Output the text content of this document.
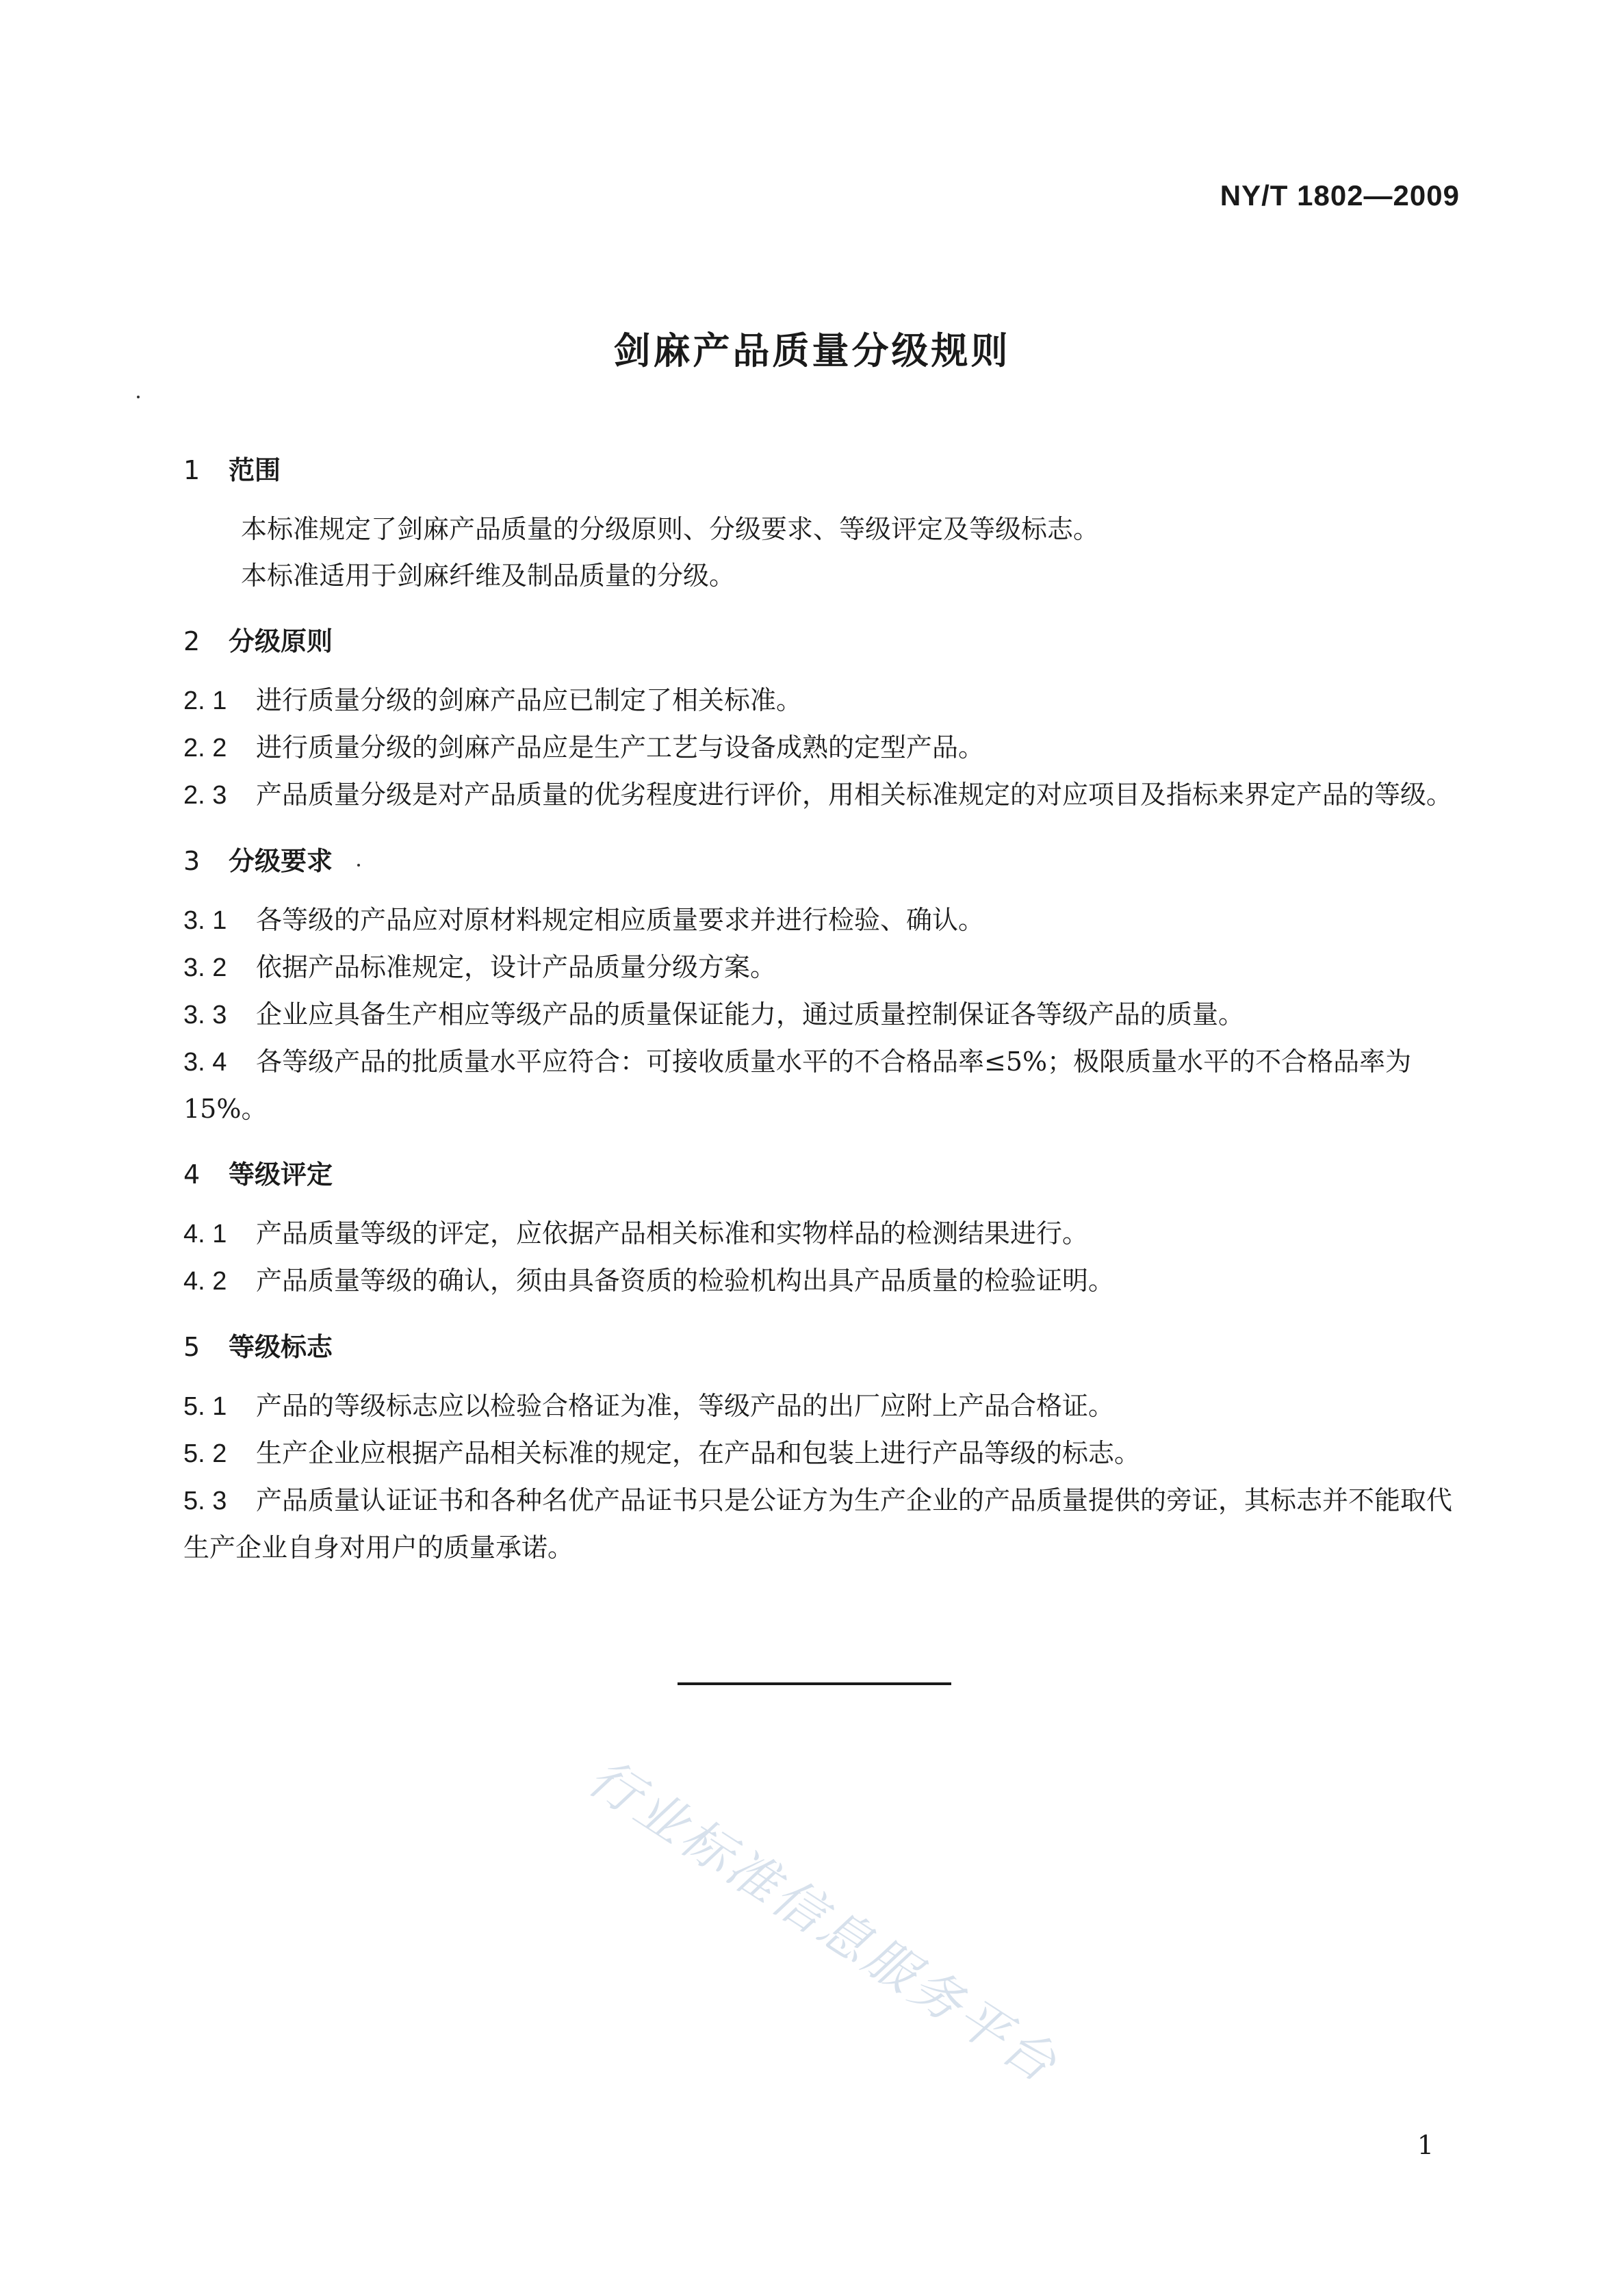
NY/T 1802—2009
剑麻产品质量分级规则
1 范围
本标准规定了剑麻产品质量的分级原则、分级要求、等级评定及等级标志。
本标准适用于剑麻纤维及制品质量的分级。
2 分级原则
2. 1 进行质量分级的剑麻产品应已制定了相关标准。
2. 2 进行质量分级的剑麻产品应是生产工艺与设备成熟的定型产品。
2. 3 产品质量分级是对产品质量的优劣程度进行评价，用相关标准规定的对应项目及指标来界定产品的等级。
3 分级要求
3. 1 各等级的产品应对原材料规定相应质量要求并进行检验、确认。
3. 2 依据产品标准规定，设计产品质量分级方案。
3. 3 企业应具备生产相应等级产品的质量保证能力，通过质量控制保证各等级产品的质量。
3. 4 各等级产品的批质量水平应符合：可接收质量水平的不合格品率≤5%；极限质量水平的不合格品率为 15%。
4 等级评定
4. 1 产品质量等级的评定，应依据产品相关标准和实物样品的检测结果进行。
4. 2 产品质量等级的确认，须由具备资质的检验机构出具产品质量的检验证明。
5 等级标志
5. 1 产品的等级标志应以检验合格证为准，等级产品的出厂应附上产品合格证。
5. 2 生产企业应根据产品相关标准的规定，在产品和包装上进行产品等级的标志。
5. 3 产品质量认证证书和各种名优产品证书只是公证方为生产企业的产品质量提供的旁证，其标志并不能取代生产企业自身对用户的质量承诺。
行业标准信息服务平台
1
